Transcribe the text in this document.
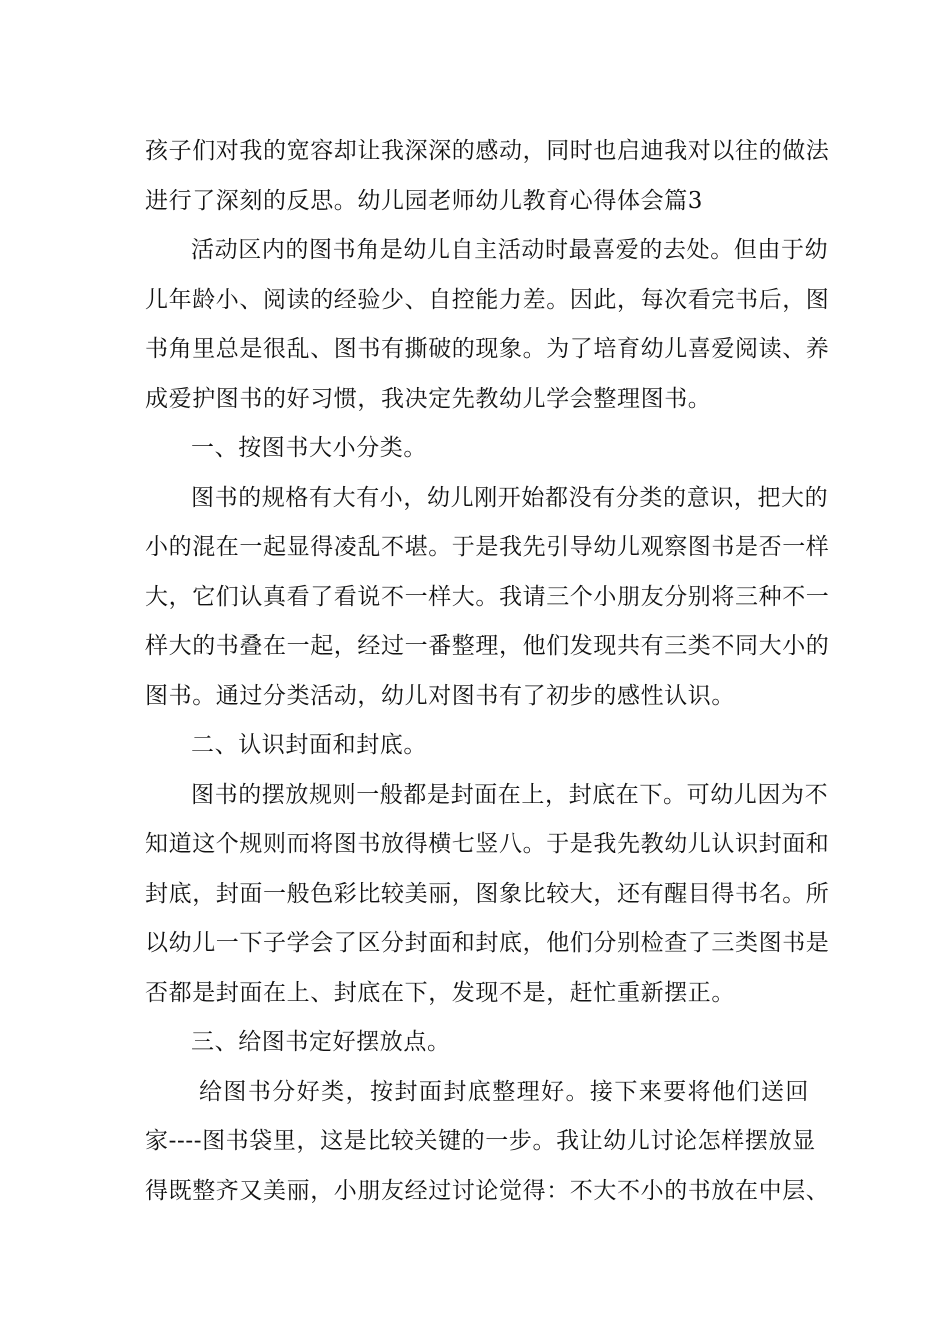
孩子们对我的宽容却让我深深的感动，同时也启迪我对以往的做法
进行了深刻的反思。幼儿园老师幼儿教育心得体会篇3
活动区内的图书角是幼儿自主活动时最喜爱的去处。但由于幼
儿年龄小、阅读的经验少、自控能力差。因此，每次看完书后，图
书角里总是很乱、图书有撕破的现象。为了培育幼儿喜爱阅读、养
成爱护图书的好习惯，我决定先教幼儿学会整理图书。
一、按图书大小分类。
图书的规格有大有小，幼儿刚开始都没有分类的意识，把大的
小的混在一起显得凌乱不堪。于是我先引导幼儿观察图书是否一样
大，它们认真看了看说不一样大。我请三个小朋友分别将三种不一
样大的书叠在一起，经过一番整理，他们发现共有三类不同大小的
图书。通过分类活动，幼儿对图书有了初步的感性认识。
二、认识封面和封底。
图书的摆放规则一般都是封面在上，封底在下。可幼儿因为不
知道这个规则而将图书放得横七竖八。于是我先教幼儿认识封面和
封底，封面一般色彩比较美丽，图象比较大，还有醒目得书名。所
以幼儿一下子学会了区分封面和封底，他们分别检查了三类图书是
否都是封面在上、封底在下，发现不是，赶忙重新摆正。
三、给图书定好摆放点。
给图书分好类，按封面封底整理好。接下来要将他们送回
家----图书袋里，这是比较关键的一步。我让幼儿讨论怎样摆放显
得既整齐又美丽，小朋友经过讨论觉得：不大不小的书放在中层、
